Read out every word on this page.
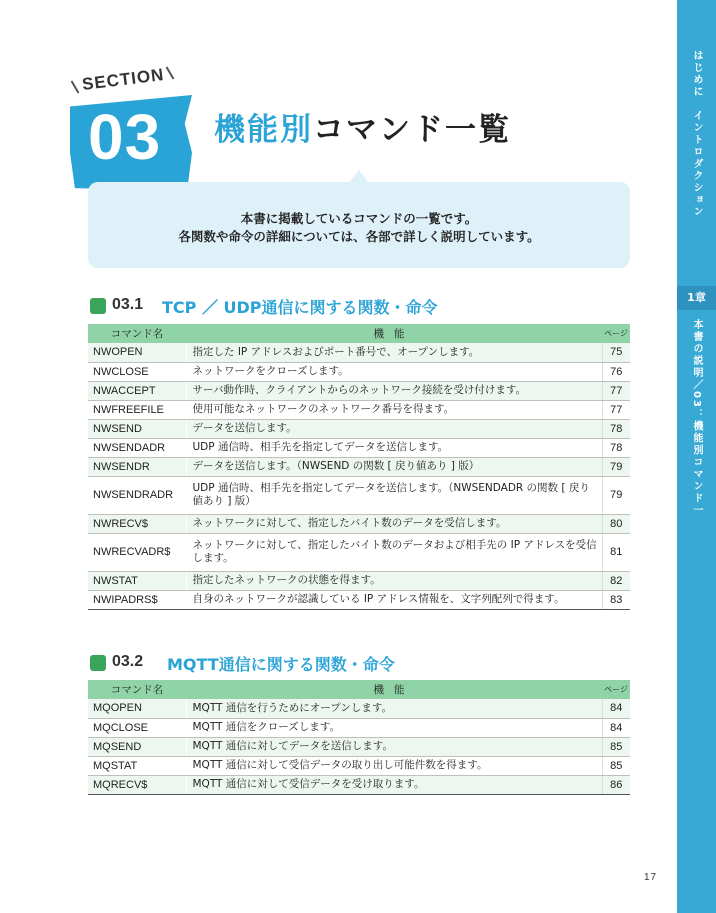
はじめに　イントロダクション
1章
本書の説明／03：機能別コマンド一覧
SECTION
03 機能別コマンド一覧
本書に掲載しているコマンドの一覧です。
各関数や命令の詳細については、各部で詳しく説明しています。
03.1 TCP ／ UDP通信に関する関数・命令
コマンド名	機能	ページ
NWOPEN	指定した IP アドレスおよびポート番号で、オープンします。	75
NWCLOSE	ネットワークをクローズします。	76
NWACCEPT	サーバ動作時、クライアントからのネットワーク接続を受け付けます。	77
NWFREEFILE	使用可能なネットワークのネットワーク番号を得ます。	77
NWSEND	データを送信します。	78
NWSENDADR	UDP 通信時、相手先を指定してデータを送信します。	78
NWSENDR	データを送信します。（NWSEND の関数 [ 戻り値あり ] 版）	79
NWSENDRADR	UDP 通信時、相手先を指定してデータを送信します。（NWSENDADR の関数 [ 戻り値あり ] 版）	79
NWRECV$	ネットワークに対して、指定したバイト数のデータを受信します。	80
NWRECVADR$	ネットワークに対して、指定したバイト数のデータおよび相手先の IP アドレスを受信します。	81
NWSTAT	指定したネットワークの状態を得ます。	82
NWIPADRS$	自身のネットワークが認識している IP アドレス情報を、文字列配列で得ます。	83
03.2 MQTT通信に関する関数・命令
コマンド名	機能	ページ
MQOPEN	MQTT 通信を行うためにオープンします。	84
MQCLOSE	MQTT 通信をクローズします。	84
MQSEND	MQTT 通信に対してデータを送信します。	85
MQSTAT	MQTT 通信に対して受信データの取り出し可能件数を得ます。	85
MQRECV$	MQTT 通信に対して受信データを受け取ります。	86
17
